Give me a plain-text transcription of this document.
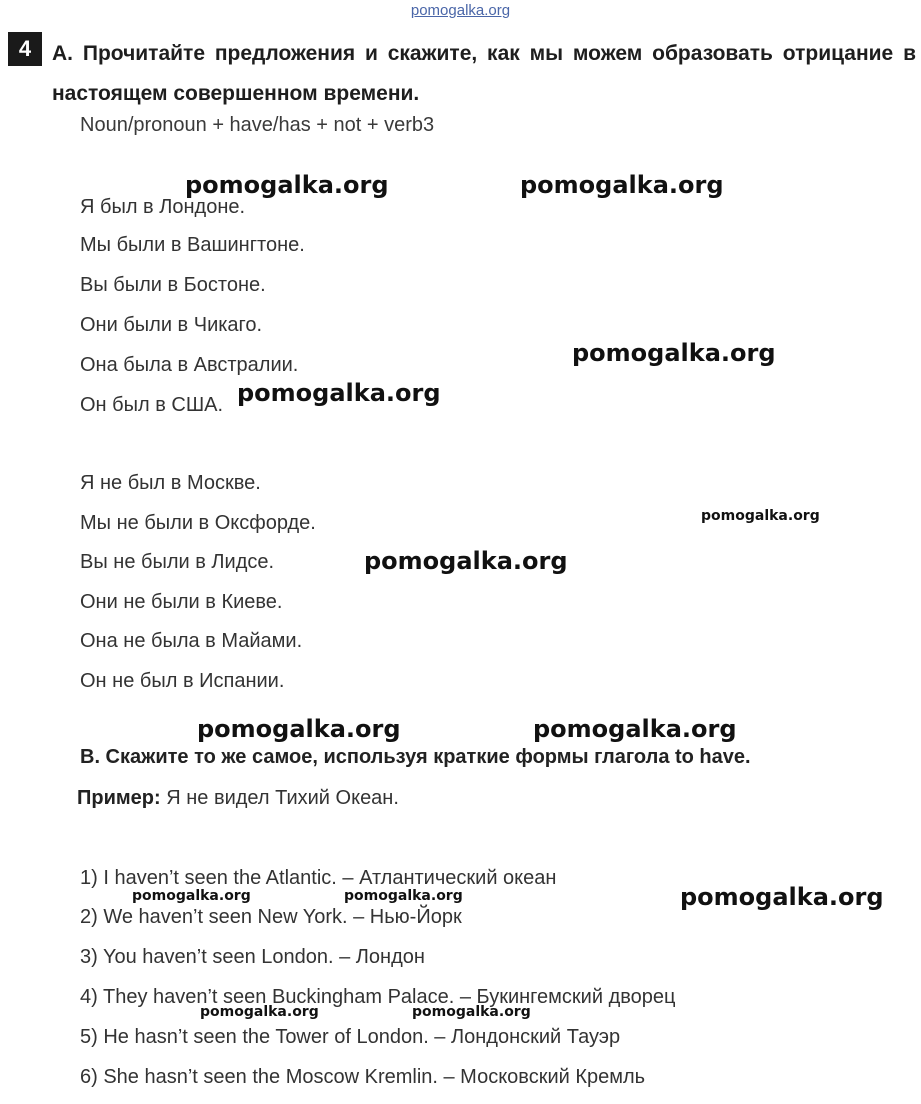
pomogalka.org
4 A. Прочитайте предложения и скажите, как мы можем образовать отрицание в настоящем совершенном времени.
Noun/pronoun + have/has + not + verb3
Я был в Лондоне.
Мы были в Вашингтоне.
Вы были в Бостоне.
Они были в Чикаго.
Она была в Австралии.
Он был в США.
Я не был в Москве.
Мы не были в Оксфорде.
Вы не были в Лидсе.
Они не были в Киеве.
Она не была в Майами.
Он не был в Испании.
B. Скажите то же самое, используя краткие формы глагола to have.
Пример: Я не видел Тихий Океан.
1) I haven’t seen the Atlantic. – Атлантический океан
2) We haven’t seen New York. – Нью-Йорк
3) You haven’t seen London. – Лондон
4) They haven’t seen Buckingham Palace. – Букингемский дворец
5) He hasn’t seen the Tower of London. – Лондонский Тауэр
6) She hasn’t seen the Moscow Kremlin. – Московский Кремль
pomogalka.org	pomogalka.org
pomogalka.org
pomogalka.org
pomogalka.org
pomogalka.org
pomogalka.org	pomogalka.org
pomogalka.org
pomogalka.org	pomogalka.org
pomogalka.org	pomogalka.org
